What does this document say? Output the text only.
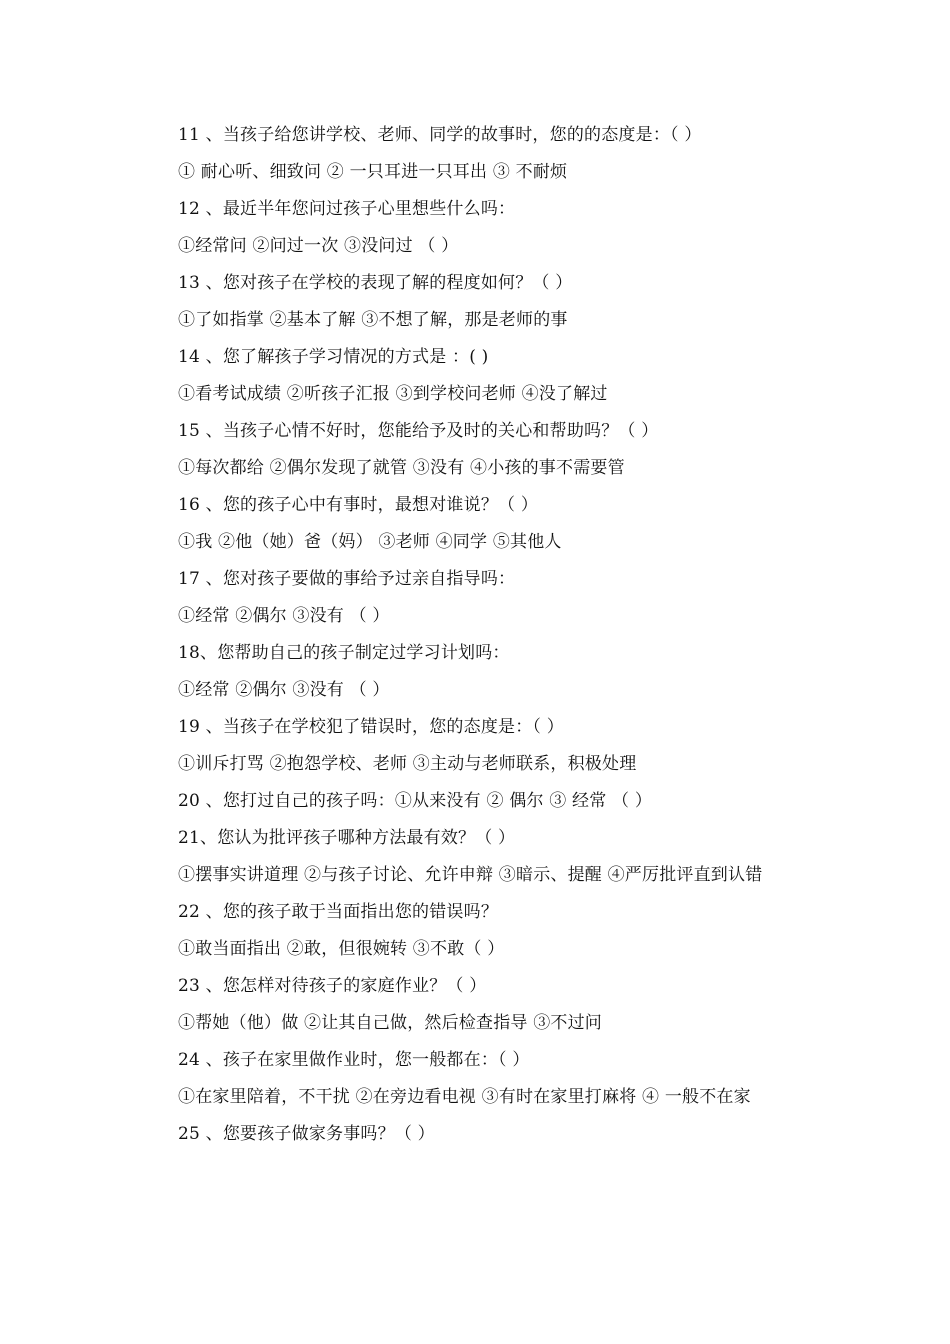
11 、当孩子给您讲学校、老师、同学的故事时，您的的态度是：（ ）
① 耐心听、细致问 ② 一只耳进一只耳出 ③ 不耐烦
12 、最近半年您问过孩子心里想些什么吗：
①经常问 ②问过一次 ③没问过 （ ）
13 、您对孩子在学校的表现了解的程度如何？（ ）
①了如指掌 ②基本了解 ③不想了解，那是老师的事
14 、您了解孩子学习情况的方式是 ：( )
①看考试成绩 ②听孩子汇报 ③到学校问老师 ④没了解过
15 、当孩子心情不好时，您能给予及时的关心和帮助吗？（ ）
①每次都给 ②偶尔发现了就管 ③没有 ④小孩的事不需要管
16 、您的孩子心中有事时，最想对谁说？（ ）
①我 ②他（她）爸（妈） ③老师 ④同学 ⑤其他人
17 、您对孩子要做的事给予过亲自指导吗：
①经常 ②偶尔 ③没有 （ ）
18、您帮助自己的孩子制定过学习计划吗：
①经常 ②偶尔 ③没有 （ ）
19 、当孩子在学校犯了错误时，您的态度是：（ ）
①训斥打骂 ②抱怨学校、老师 ③主动与老师联系，积极处理
20 、您打过自己的孩子吗：①从来没有 ② 偶尔 ③ 经常 （ ）
21、您认为批评孩子哪种方法最有效？（ ）
①摆事实讲道理 ②与孩子讨论、允许申辩 ③暗示、提醒 ④严厉批评直到认错
22 、您的孩子敢于当面指出您的错误吗？
①敢当面指出 ②敢，但很婉转 ③不敢（ ）
23 、您怎样对待孩子的家庭作业？（ ）
①帮她（他）做 ②让其自己做，然后检查指导 ③不过问
24 、孩子在家里做作业时，您一般都在：（ ）
①在家里陪着，不干扰 ②在旁边看电视 ③有时在家里打麻将 ④ 一般不在家
25 、您要孩子做家务事吗？（ ）
